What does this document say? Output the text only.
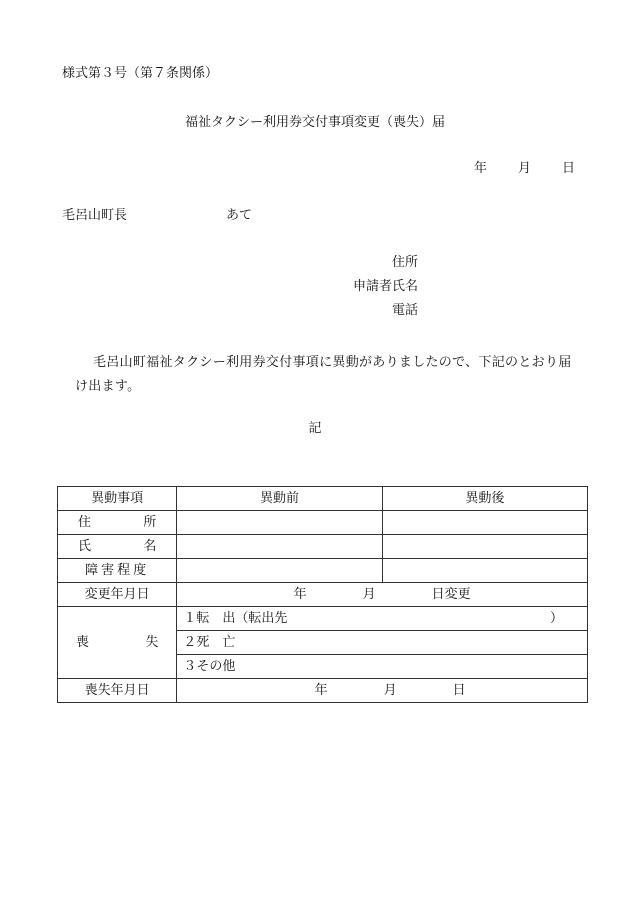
様式第３号（第７条関係）
福祉タクシー利用券交付事項変更（喪失）届
年 月 日
毛呂山町長	あて
住所
申請者氏名
電話
毛呂山町福祉タクシー利用券交付事項に異動がありましたので、下記のとおり届け出ます。
記
異動事項	異動前	異動後

住 所		

氏 名		

障害程度		
変更年月日	年 月 日変更	

喪 失	１転　出（転出先 ）	

	２死　亡	
	３その他	
喪失年月日	年 月 日	
